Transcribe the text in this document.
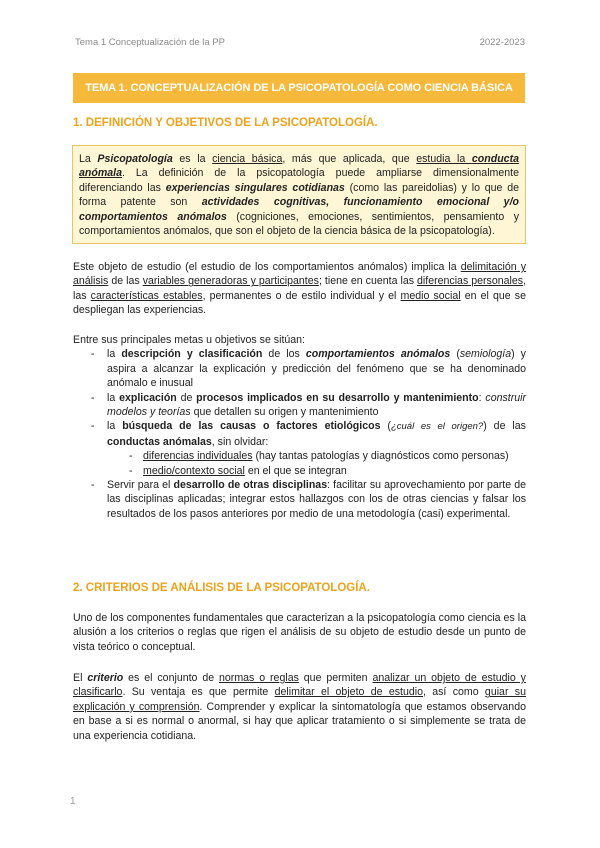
Tema 1 Conceptualización de la PP	2022-2023
TEMA 1. CONCEPTUALIZACIÓN DE LA PSICOPATOLOGÍA COMO CIENCIA BÁSICA
1. DEFINICIÓN Y OBJETIVOS DE LA PSICOPATOLOGÍA.
La Psicopatología es la ciencia básica, más que aplicada, que estudia la conducta anómala. La definición de la psicopatología puede ampliarse dimensionalmente diferenciando las experiencias singulares cotidianas (como las pareidolias) y lo que de forma patente son actividades cognitivas, funcionamiento emocional y/o comportamientos anómalos (cogniciones, emociones, sentimientos, pensamiento y comportamientos anómalos, que son el objeto de la ciencia básica de la psicopatología).

Este objeto de estudio (el estudio de los comportamientos anómalos) implica la delimitación y análisis de las variables generadoras y participantes; tiene en cuenta las diferencias personales, las características estables, permanentes o de estilo individual y el medio social en el que se despliegan las experiencias.

Entre sus principales metas u objetivos se sitúan:
- la descripción y clasificación de los comportamientos anómalos (semiología) y aspira a alcanzar la explicación y predicción del fenómeno que se ha denominado anómalo e inusual
- la explicación de procesos implicados en su desarrollo y mantenimiento: construir modelos y teorías que detallen su origen y mantenimiento
- la búsqueda de las causas o factores etiológicos (¿cuál es el origen?) de las conductas anómalas, sin olvidar:
- diferencias individuales (hay tantas patologías y diagnósticos como personas)
- medio/contexto social en el que se integran
- Servir para el desarrollo de otras disciplinas: facilitar su aprovechamiento por parte de las disciplinas aplicadas; integrar estos hallazgos con los de otras ciencias y falsar los resultados de los pasos anteriores por medio de una metodología (casi) experimental.
2. CRITERIOS DE ANÁLISIS DE LA PSICOPATOLOGÍA.

Uno de los componentes fundamentales que caracterizan a la psicopatología como ciencia es la alusión a los criterios o reglas que rigen el análisis de su objeto de estudio desde un punto de vista teórico o conceptual.

El criterio es el conjunto de normas o reglas que permiten analizar un objeto de estudio y clasificarlo. Su ventaja es que permite delimitar el objeto de estudio, así como guiar su explicación y comprensión. Comprender y explicar la sintomatología que estamos observando en base a si es normal o anormal, si hay que aplicar tratamiento o si simplemente se trata de una experiencia cotidiana.

1
